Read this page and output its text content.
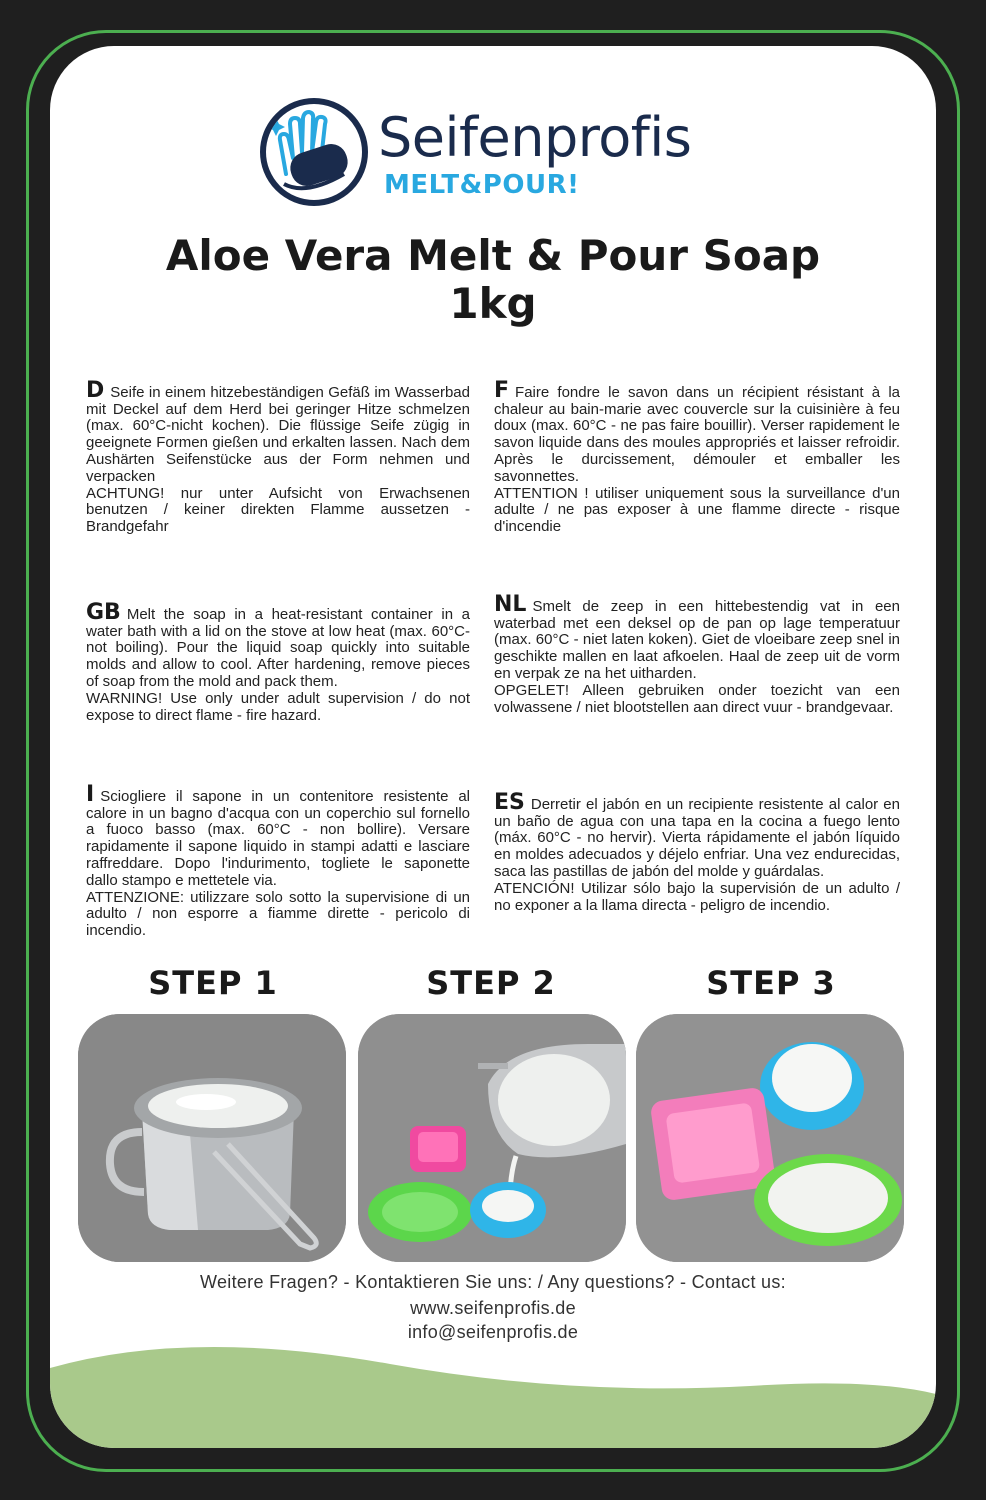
Seifenprofis
MELT&POUR!
Aloe Vera Melt & Pour Soap
1kg

D Seife in einem hitzebeständigen Gefäß im Wasserbad mit Deckel auf dem Herd bei geringer Hitze schmelzen (max. 60°C-nicht kochen). Die flüssige Seife zügig in geeignete Formen gießen und erkalten lassen. Nach dem Aushärten Seifenstücke aus der Form nehmen und verpacken
ACHTUNG! nur unter Aufsicht von Erwachsenen benutzen / keiner direkten Flamme aussetzen - Brandgefahr

F Faire fondre le savon dans un récipient résistant à la chaleur au bain-marie avec couvercle sur la cuisinière à feu doux (max. 60°C - ne pas faire bouillir). Verser rapidement le savon liquide dans des moules appropriés et laisser refroidir. Après le durcissement, démouler et emballer les savonnettes.
ATTENTION ! utiliser uniquement sous la surveillance d'un adulte / ne pas exposer à une flamme directe - risque d'incendie

GB Melt the soap in a heat-resistant container in a water bath with a lid on the stove at low heat (max. 60°C-not boiling). Pour the liquid soap quickly into suitable molds and allow to cool. After hardening, remove pieces of soap from the mold and pack them.
WARNING! Use only under adult supervision / do not expose to direct flame - fire hazard.

NL Smelt de zeep in een hittebestendig vat in een waterbad met een deksel op de pan op lage temperatuur (max. 60°C - niet laten koken). Giet de vloeibare zeep snel in geschikte mallen en laat afkoelen. Haal de zeep uit de vorm en verpak ze na het uitharden.
OPGELET! Alleen gebruiken onder toezicht van een volwassene / niet blootstellen aan direct vuur - brandgevaar.

I Sciogliere il sapone in un contenitore resistente al calore in un bagno d'acqua con un coperchio sul fornello a fuoco basso (max. 60°C - non bollire). Versare rapidamente il sapone liquido in stampi adatti e lasciare raffreddare. Dopo l'indurimento, togliete le saponette dallo stampo e mettetele via.
ATTENZIONE: utilizzare solo sotto la supervisione di un adulto / non esporre a fiamme dirette - pericolo di incendio.

ES Derretir el jabón en un recipiente resistente al calor en un baño de agua con una tapa en la cocina a fuego lento (máx. 60°C - no hervir). Vierta rápidamente el jabón líquido en moldes adecuados y déjelo enfriar. Una vez endurecidas, saca las pastillas de jabón del molde y guárdalas.
ATENCIÓN! Utilizar sólo bajo la supervisión de un adulto / no exponer a la llama directa - peligro de incendio.

STEP 1	STEP 2	STEP 3
Weitere Fragen? - Kontaktieren Sie uns: / Any questions? - Contact us:
www.seifenprofis.de
info@seifenprofis.de
